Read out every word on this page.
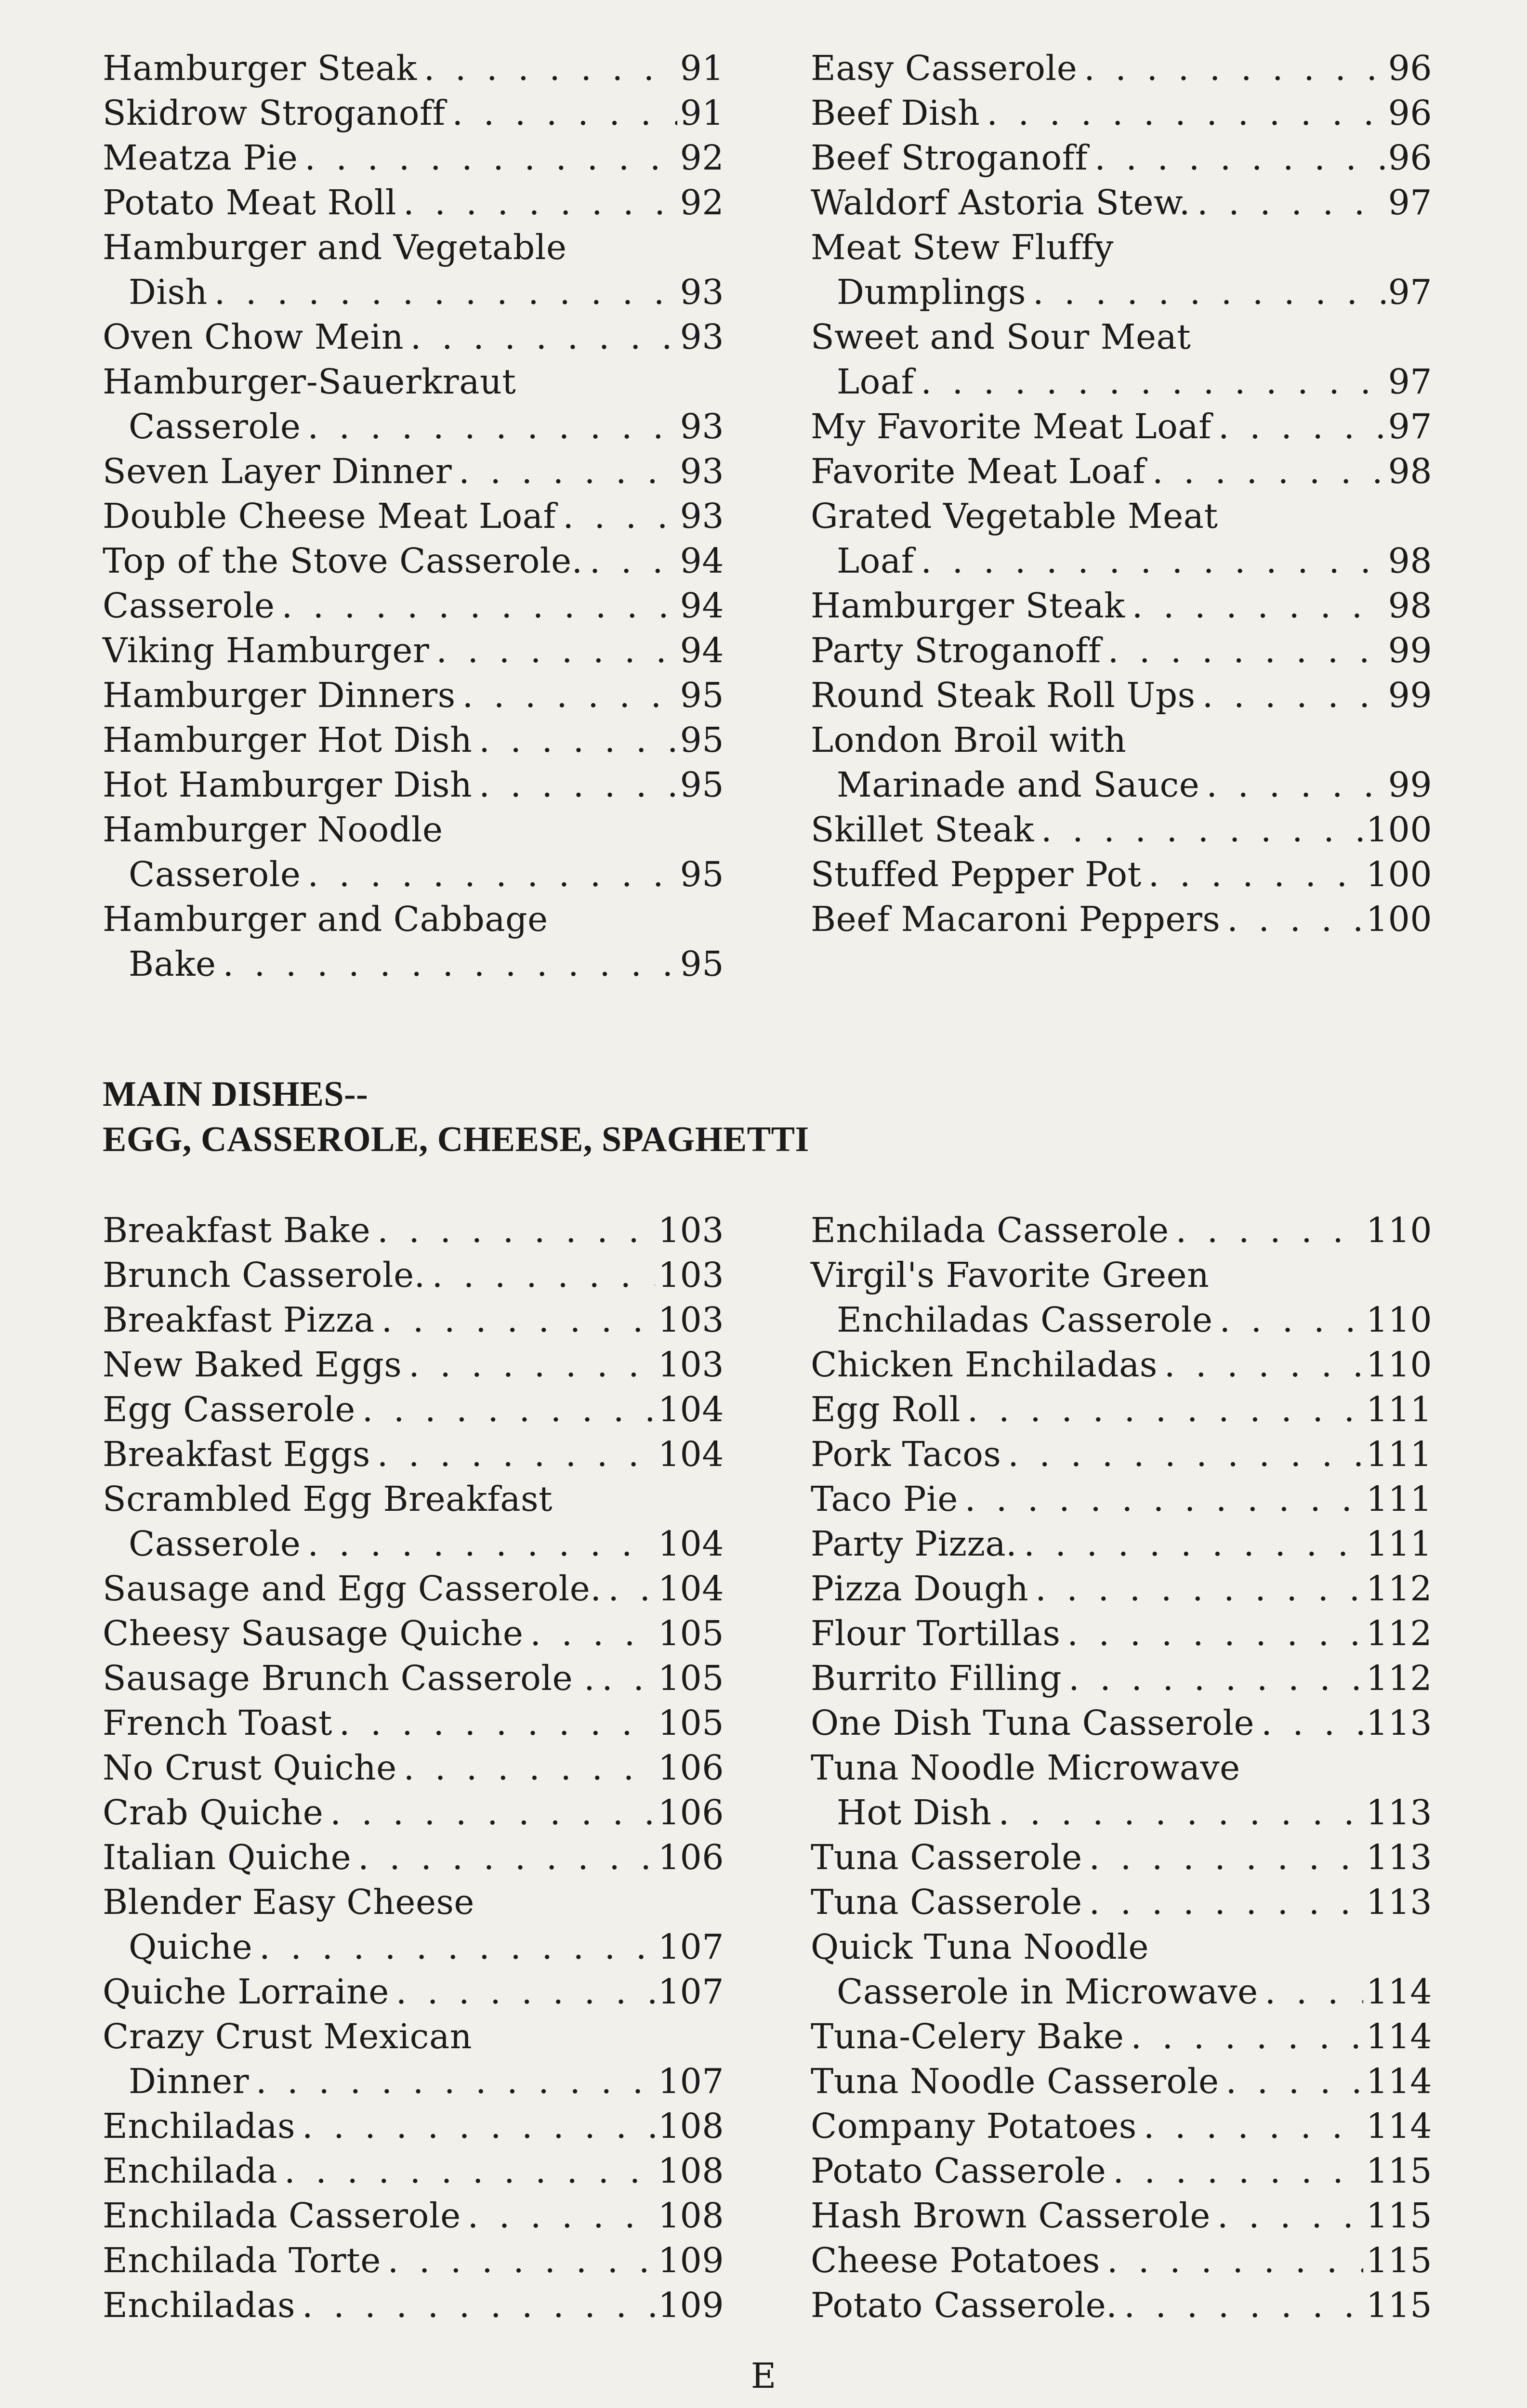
Hamburger Steak . . .	91
Skidrow Stroganoff . . .	91
Meatza Pie . . .	92
Potato Meat Roll . . .	92
Hamburger and Vegetable
Dish . . .	93
Oven Chow Mein . . .	93
Hamburger-Sauerkraut
Casserole . . .	93
Seven Layer Dinner . . .	93
Double Cheese Meat Loaf . . .	93
Top of the Stove Casserole. . . .	94
Casserole . . .	94
Viking Hamburger . . .	94
Hamburger Dinners . . .	95
Hamburger Hot Dish . . .	95
Hot Hamburger Dish . . .	95
Hamburger Noodle
Casserole . . .	95
Hamburger and Cabbage
Bake . . .	95
Easy Casserole . . .	96
Beef Dish . . .	96
Beef Stroganoff . . .	96
Waldorf Astoria Stew. . . .	97
Meat Stew Fluffy
Dumplings . . .	97
Sweet and Sour Meat
Loaf . . .	97
My Favorite Meat Loaf . . .	97
Favorite Meat Loaf . . .	98
Grated Vegetable Meat
Loaf . . .	98
Hamburger Steak . . .	98
Party Stroganoff . . .	99
Round Steak Roll Ups . . .	99
London Broil with
Marinade and Sauce . . .	99
Skillet Steak . . .	100
Stuffed Pepper Pot . . .	100
Beef Macaroni Peppers . . .	100
MAIN DISHES--
EGG, CASSEROLE, CHEESE, SPAGHETTI
Breakfast Bake . . .	103
Brunch Casserole. . . .	103
Breakfast Pizza . . .	103
New Baked Eggs . . .	103
Egg Casserole . . .	104
Breakfast Eggs . . .	104
Scrambled Egg Breakfast
Casserole . . .	104
Sausage and Egg Casserole. . . . 104
Cheesy Sausage Quiche . . .	105
Sausage Brunch Casserole . . . . 105
French Toast . . .	105
No Crust Quiche . . .	106
Crab Quiche . . .	106
Italian Quiche . . .	106
Blender Easy Cheese
Quiche . . .	107
Quiche Lorraine . . .	107
Crazy Crust Mexican
Dinner . . .	107
Enchiladas . . .	108
Enchilada . . .	108
Enchilada Casserole . . .	108
Enchilada Torte . . .	109
Enchiladas . . .	109
Enchilada Casserole . . .	110
Virgil's Favorite Green
Enchiladas Casserole . . .	110
Chicken Enchiladas . . .	110
Egg Roll . . .	111
Pork Tacos . . .	111
Taco Pie . . .	111
Party Pizza. . . .	111
Pizza Dough . . .	112
Flour Tortillas . . .	112
Burrito Filling . . .	112
One Dish Tuna Casserole . . .	113
Tuna Noodle Microwave
Hot Dish . . .	113
Tuna Casserole . . .	113
Tuna Casserole . . .	113
Quick Tuna Noodle
Casserole in Microwave . . .	114
Tuna-Celery Bake . . .	114
Tuna Noodle Casserole . . .	114
Company Potatoes . . .	114
Potato Casserole . . .	115
Hash Brown Casserole . . .	115
Cheese Potatoes . . .	115
Potato Casserole. . . .	115
E
